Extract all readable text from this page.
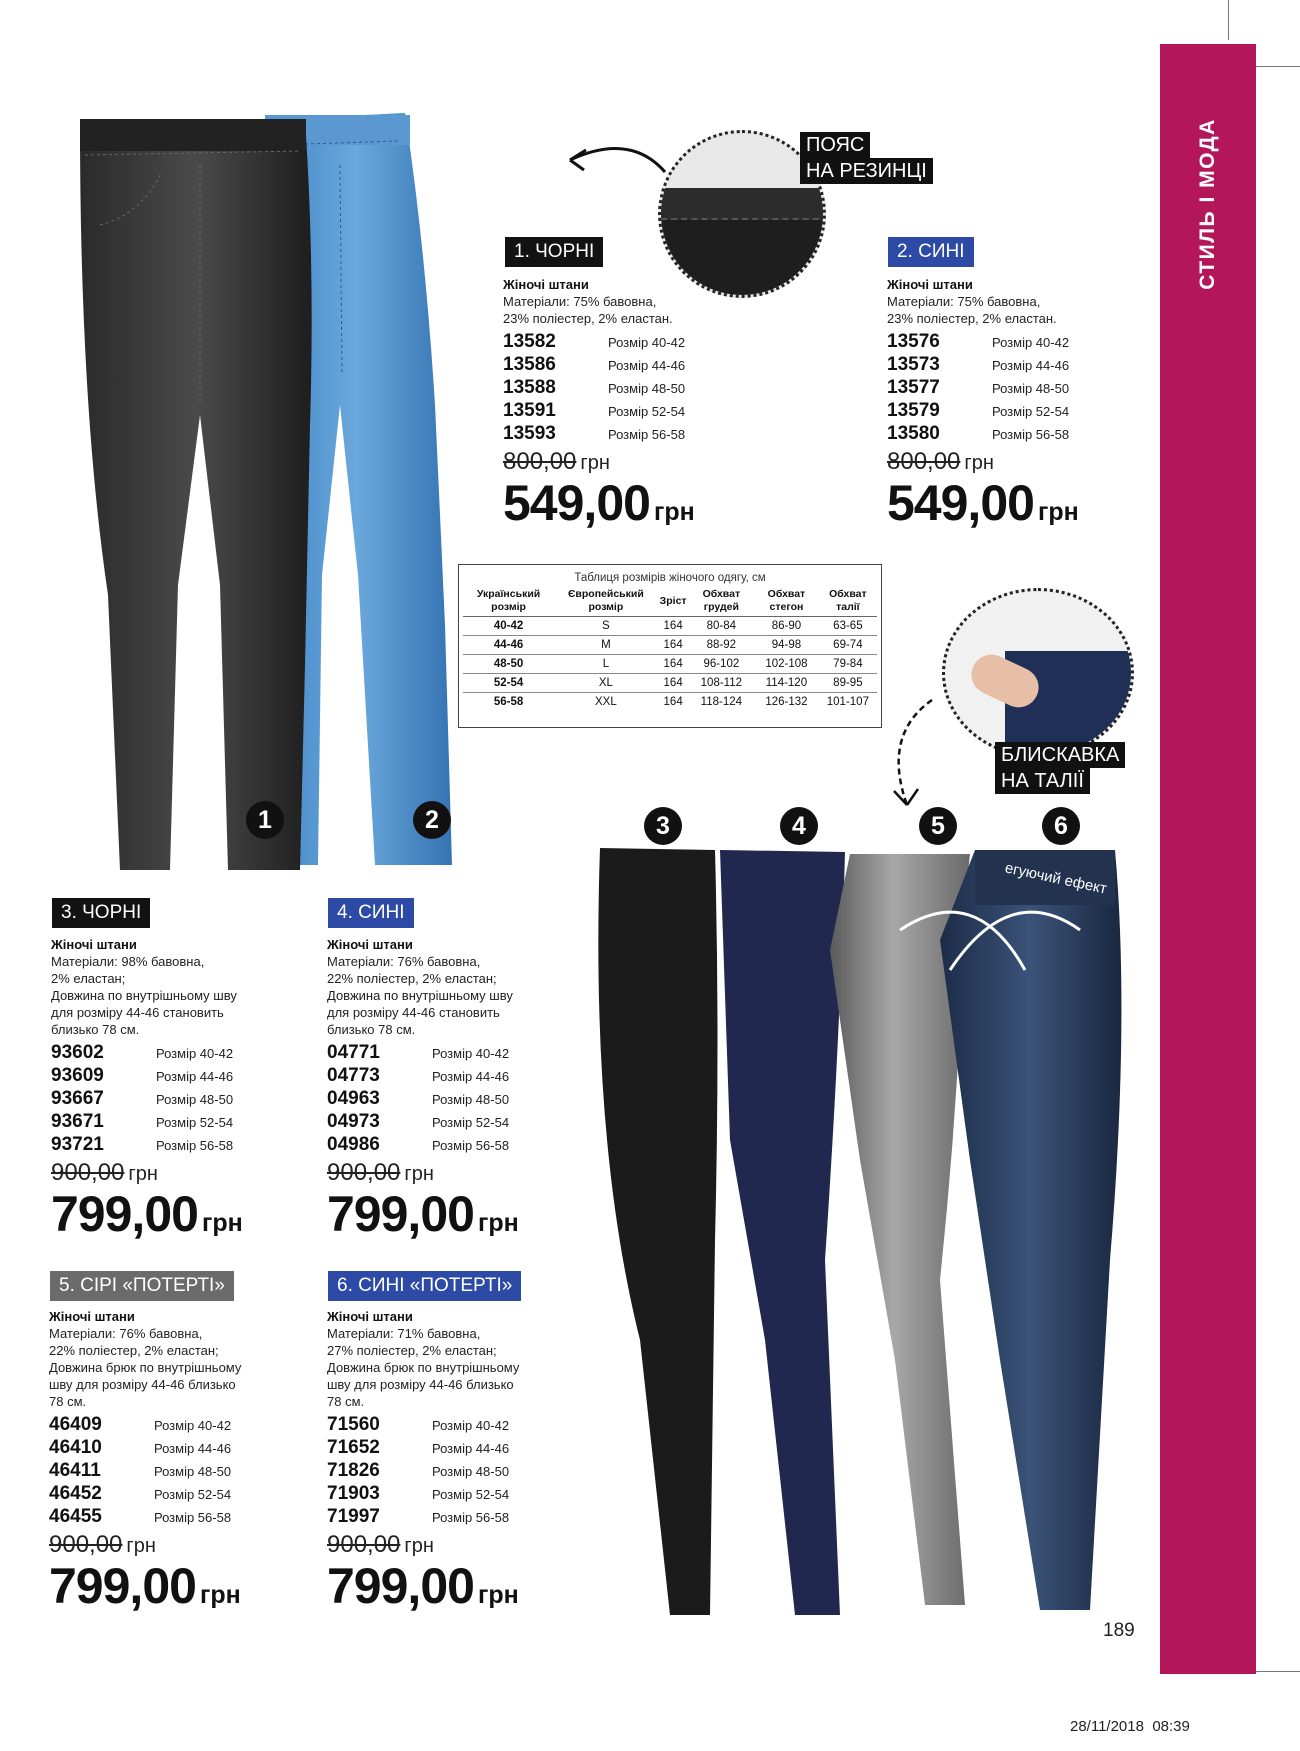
СТИЛЬ І МОДА
1	2
егуючий ефект
3	4	5	6
ПОЯС
НА РЕЗИНЦІ
БЛИСКАВКА
НА ТАЛІЇ
1. ЧОРНІ
Жіночі штани
Матеріали: 75% бавовна,
23% поліестер, 2% еластан.
13582	Розмір 40-42
13586	Розмір 44-46
13588	Розмір 48-50
13591	Розмір 52-54
13593	Розмір 56-58
800,00 грн
549,00 грн
2. СИНІ
Жіночі штани
Матеріали: 75% бавовна,
23% поліестер, 2% еластан.
13576	Розмір 40-42
13573	Розмір 44-46
13577	Розмір 48-50
13579	Розмір 52-54
13580	Розмір 56-58
800,00 грн
549,00 грн
Таблиця розмірів жіночого одягу, см
Український розмір	Європейський розмір	Зріст	Обхват грудей	Обхват стегон	Обхват талії
40-42	S	164	80-84	86-90	63-65
44-46	M	164	88-92	94-98	69-74
48-50	L	164	96-102	102-108	79-84
52-54	XL	164	108-112	114-120	89-95
56-58	XXL	164	118-124	126-132	101-107
3. ЧОРНІ
Жіночі штани
Матеріали: 98% бавовна,
2% еластан;
Довжина по внутрішньому шву
для розміру 44-46 становить
близько 78 см.
93602	Розмір 40-42
93609	Розмір 44-46
93667	Розмір 48-50
93671	Розмір 52-54
93721	Розмір 56-58
900,00 грн
799,00 грн
4. СИНІ
Жіночі штани
Матеріали: 76% бавовна,
22% поліестер, 2% еластан;
Довжина по внутрішньому шву
для розміру 44-46 становить
близько 78 см.
04771	Розмір 40-42
04773	Розмір 44-46
04963	Розмір 48-50
04973	Розмір 52-54
04986	Розмір 56-58
900,00 грн
799,00 грн
5. СІРІ «ПОТЕРТІ»
Жіночі штани
Матеріали: 76% бавовна,
22% поліестер, 2% еластан;
Довжина брюк по внутрішньому
шву для розміру 44-46 близько
78 см.
46409	Розмір 40-42
46410	Розмір 44-46
46411	Розмір 48-50
46452	Розмір 52-54
46455	Розмір 56-58
900,00 грн
799,00 грн
6. СИНІ «ПОТЕРТІ»
Жіночі штани
Матеріали: 71% бавовна,
27% поліестер, 2% еластан;
Довжина брюк по внутрішньому
шву для розміру 44-46 близько
78 см.
71560	Розмір 40-42
71652	Розмір 44-46
71826	Розмір 48-50
71903	Розмір 52-54
71997	Розмір 56-58
900,00 грн
799,00 грн
189
28/11/2018 08:39
